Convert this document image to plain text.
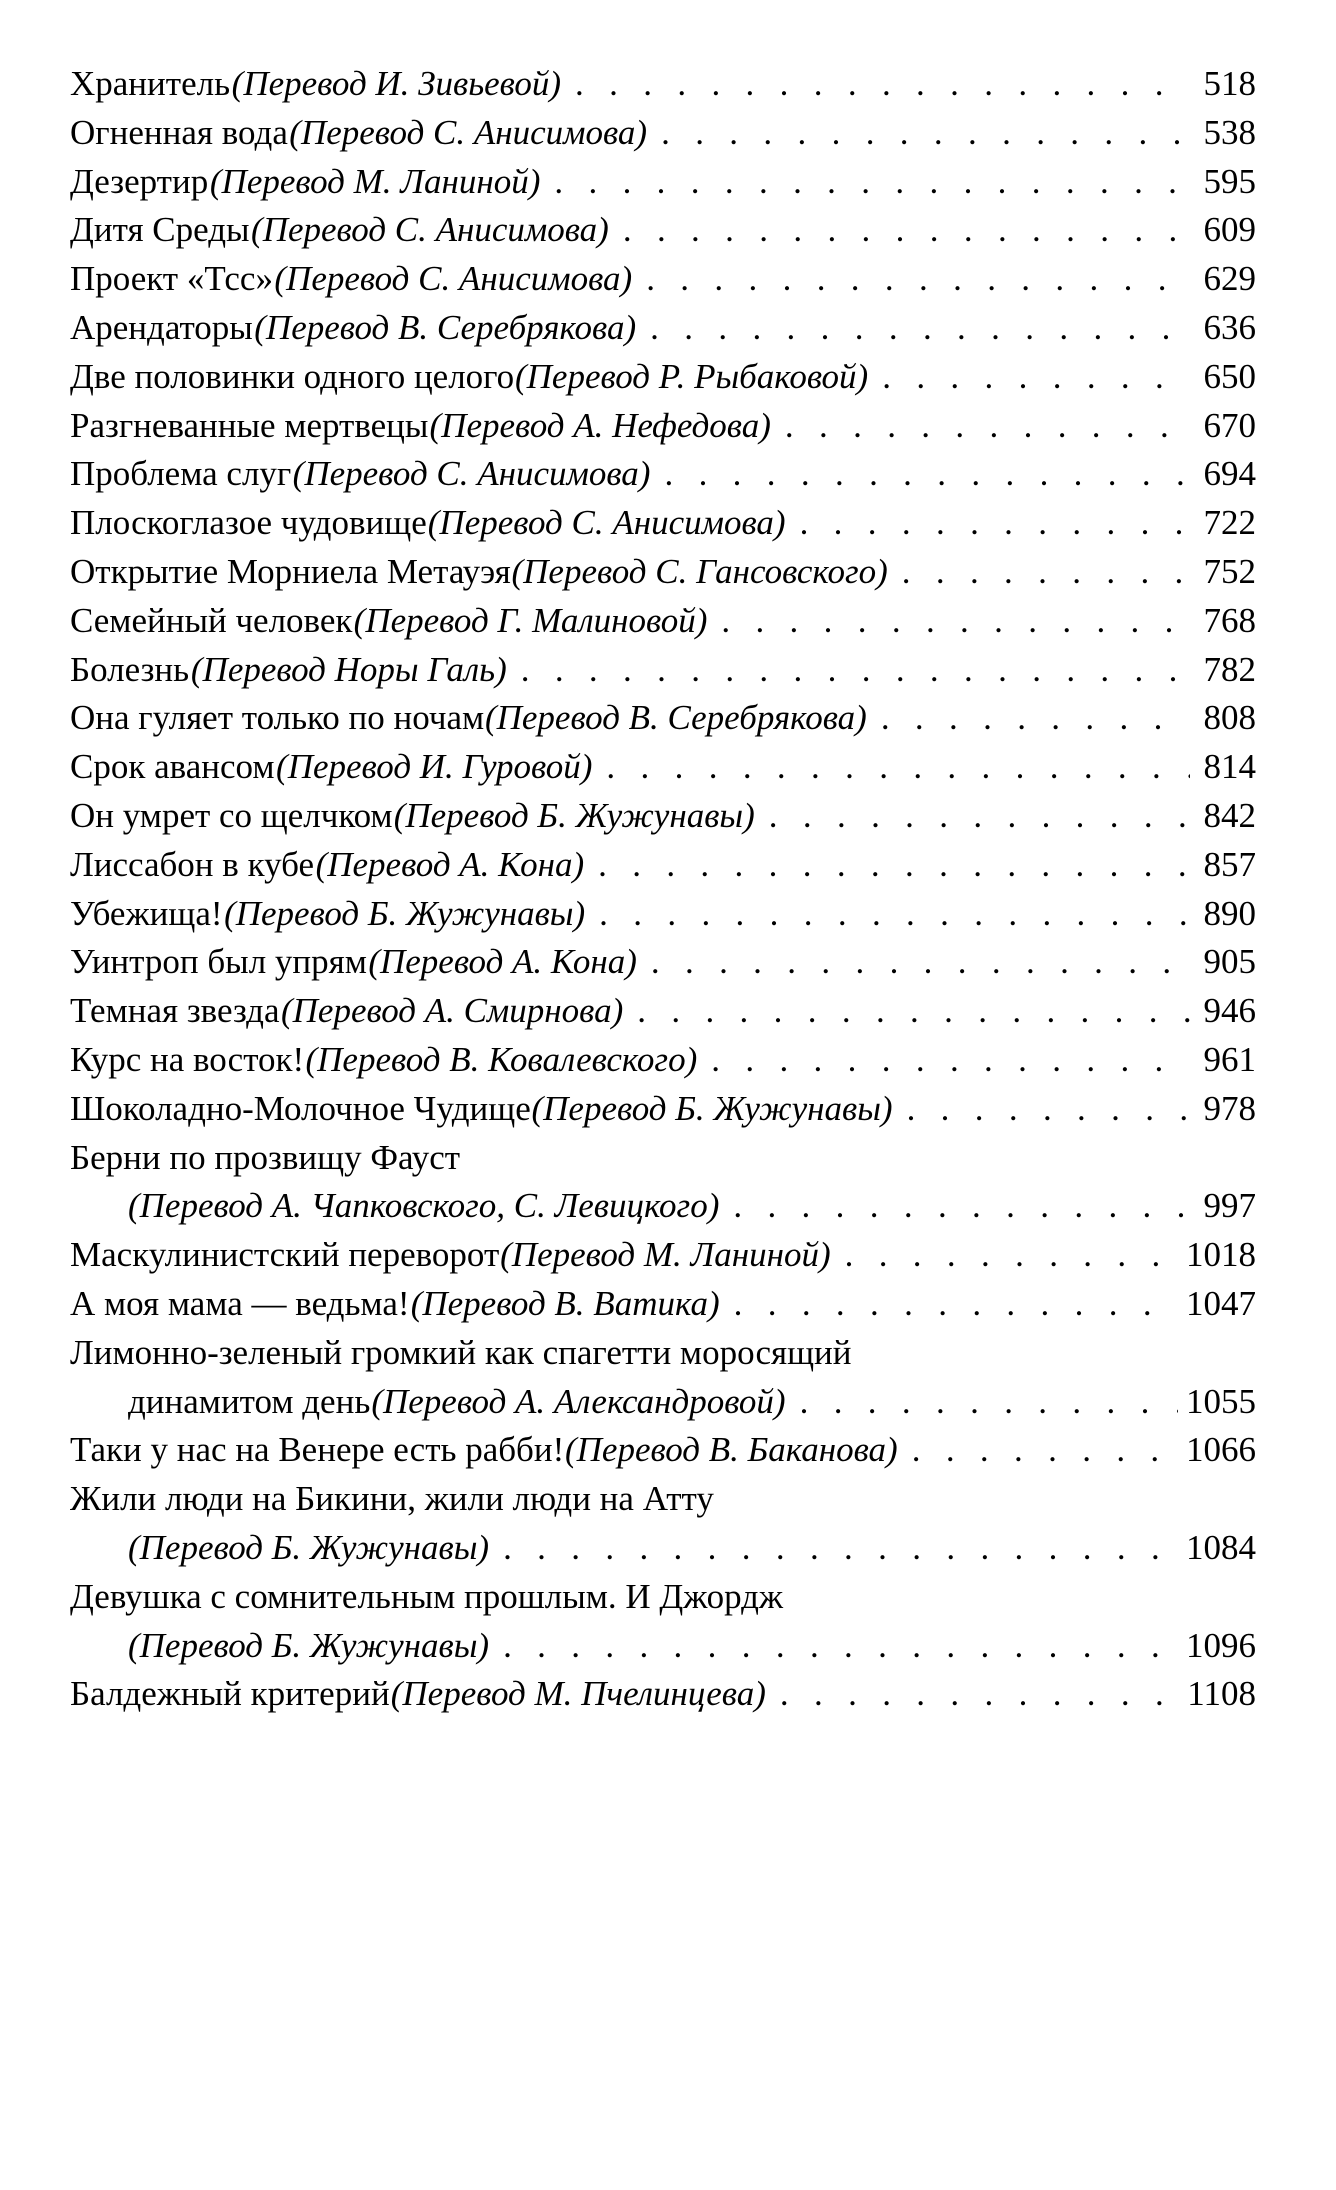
Хранитель (Перевод И. Зивьевой) . . .	518
Огненная вода (Перевод С. Анисимова) . . .	538
Дезертир (Перевод М. Ланиной) . . .	595
Дитя Среды (Перевод С. Анисимова) . . .	609
Проект «Тсс» (Перевод С. Анисимова) . . .	629
Арендаторы (Перевод В. Серебрякова) . . .	636
Две половинки одного целого (Перевод Р. Рыбаковой) . . .	650
Разгневанные мертвецы (Перевод А. Нефедова) . . .	670
Проблема слуг (Перевод С. Анисимова) . . .	694
Плоскоглазое чудовище (Перевод С. Анисимова) . . .	722
Открытие Морниела Метауэя (Перевод С. Гансовского) . . .	752
Семейный человек (Перевод Г. Малиновой) . . .	768
Болезнь (Перевод Норы Галь) . . .	782
Она гуляет только по ночам (Перевод В. Серебрякова) . . .	808
Срок авансом (Перевод И. Гуровой) . . .	814
Он умрет со щелчком (Перевод Б. Жужунавы) . . .	842
Лиссабон в кубе (Перевод А. Кона) . . .	857
Убежища! (Перевод Б. Жужунавы) . . .	890
Уинтроп был упрям (Перевод А. Кона) . . .	905
Темная звезда (Перевод А. Смирнова) . . .	946
Курс на восток! (Перевод В. Ковалевского) . . .	961
Шоколадно-Молочное Чудище (Перевод Б. Жужунавы) . . .	978
Берни по прозвищу Фауст
(Перевод А. Чапковского, С. Левицкого) . . .	997
Маскулинистский переворот (Перевод М. Ланиной) . . .	1018
А моя мама — ведьма! (Перевод В. Ватика) . . .	1047
Лимонно-зеленый громкий как спагетти моросящий
динамитом день (Перевод А. Александровой) . . .	1055
Таки у нас на Венере есть рабби! (Перевод В. Баканова) . . .	1066
Жили люди на Бикини, жили люди на Атту
(Перевод Б. Жужунавы) . . .	1084
Девушка с сомнительным прошлым. И Джордж
(Перевод Б. Жужунавы) . . .	1096
Балдежный критерий (Перевод М. Пчелинцева) . . .	1108
